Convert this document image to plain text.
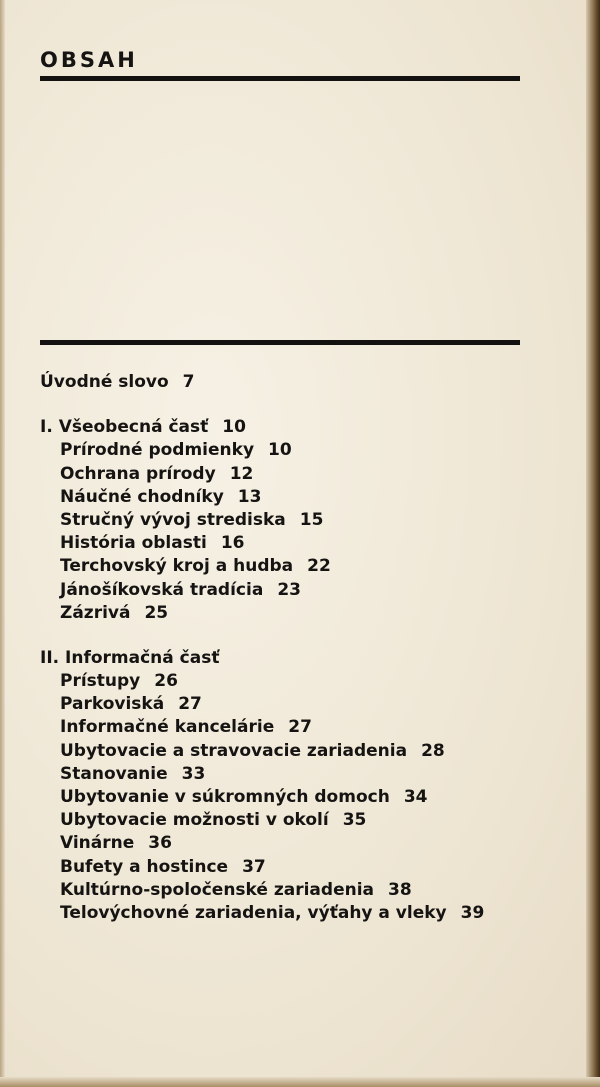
OBSAH
Úvodné slovo 7
I. Všeobecná časť 10
Prírodné podmienky 10
Ochrana prírody 12
Náučné chodníky 13
Stručný vývoj strediska 15
História oblasti 16
Terchovský kroj a hudba 22
Jánošíkovská tradícia 23
Zázrivá 25
II. Informačná časť
Prístupy 26
Parkoviská 27
Informačné kancelárie 27
Ubytovacie a stravovacie zariadenia 28
Stanovanie 33
Ubytovanie v súkromných domoch 34
Ubytovacie možnosti v okolí 35
Vinárne 36
Bufety a hostince 37
Kultúrno-spoločenské zariadenia 38
Telovýchovné zariadenia, výťahy a vleky 39
